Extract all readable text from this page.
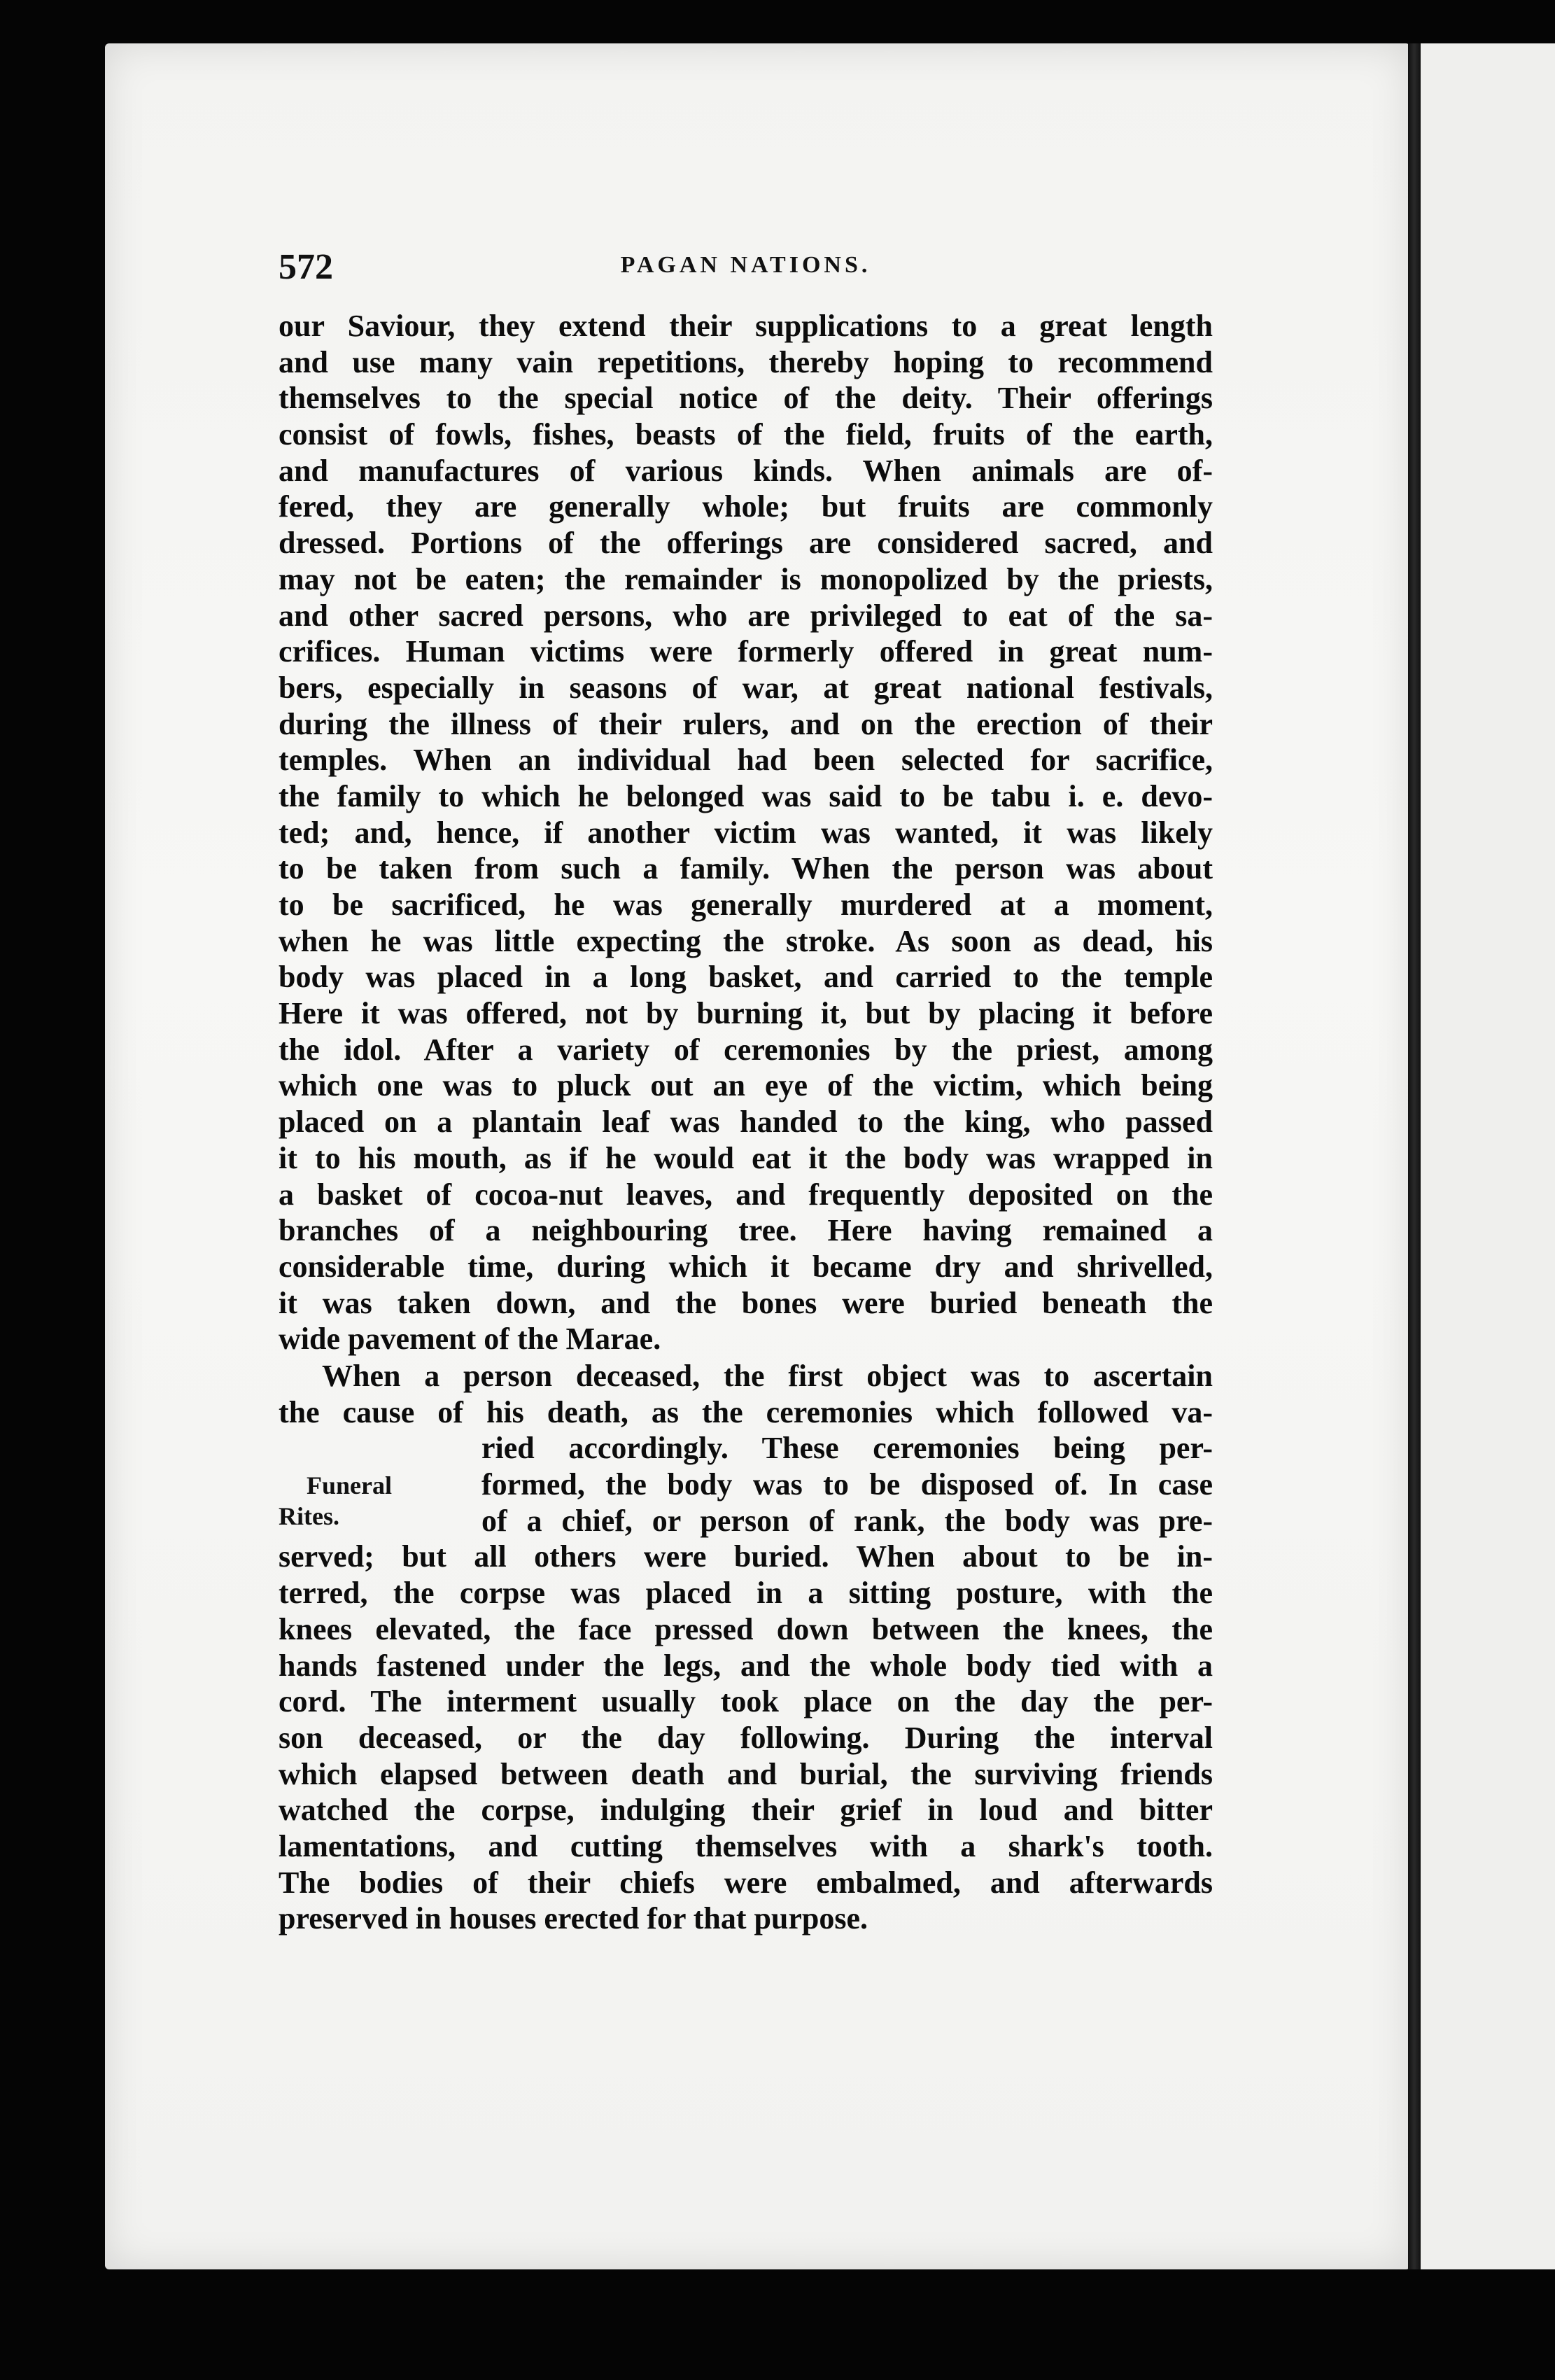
572	PAGAN NATIONS.
our Saviour, they extend their supplications to a great length
and use many vain repetitions, thereby hoping to recommend
themselves to the special notice of the deity. Their offerings
consist of fowls, fishes, beasts of the field, fruits of the earth,
and manufactures of various kinds. When animals are of-
fered, they are generally whole; but fruits are commonly
dressed. Portions of the offerings are considered sacred, and
may not be eaten; the remainder is monopolized by the priests,
and other sacred persons, who are privileged to eat of the sa-
crifices. Human victims were formerly offered in great num-
bers, especially in seasons of war, at great national festivals,
during the illness of their rulers, and on the erection of their
temples. When an individual had been selected for sacrifice,
the family to which he belonged was said to be tabu i. e. devo-
ted; and, hence, if another victim was wanted, it was likely
to be taken from such a family. When the person was about
to be sacrificed, he was generally murdered at a moment,
when he was little expecting the stroke. As soon as dead, his
body was placed in a long basket, and carried to the temple
Here it was offered, not by burning it, but by placing it before
the idol. After a variety of ceremonies by the priest, among
which one was to pluck out an eye of the victim, which being
placed on a plantain leaf was handed to the king, who passed
it to his mouth, as if he would eat it the body was wrapped in
a basket of cocoa-nut leaves, and frequently deposited on the
branches of a neighbouring tree. Here having remained a
considerable time, during which it became dry and shrivelled,
it was taken down, and the bones were buried beneath the
wide pavement of the Marae.
When a person deceased, the first object was to ascertain
the cause of his death, as the ceremonies which followed va-
ried accordingly. These ceremonies being per-
formed, the body was to be disposed of. In case
of a chief, or person of rank, the body was pre-
served; but all others were buried. When about to be in-
terred, the corpse was placed in a sitting posture, with the
knees elevated, the face pressed down between the knees, the
hands fastened under the legs, and the whole body tied with a
cord. The interment usually took place on the day the per-
son deceased, or the day following. During the interval
which elapsed between death and burial, the surviving friends
watched the corpse, indulging their grief in loud and bitter
lamentations, and cutting themselves with a shark's tooth.
The bodies of their chiefs were embalmed, and afterwards
preserved in houses erected for that purpose.
Funeral
Rites.
